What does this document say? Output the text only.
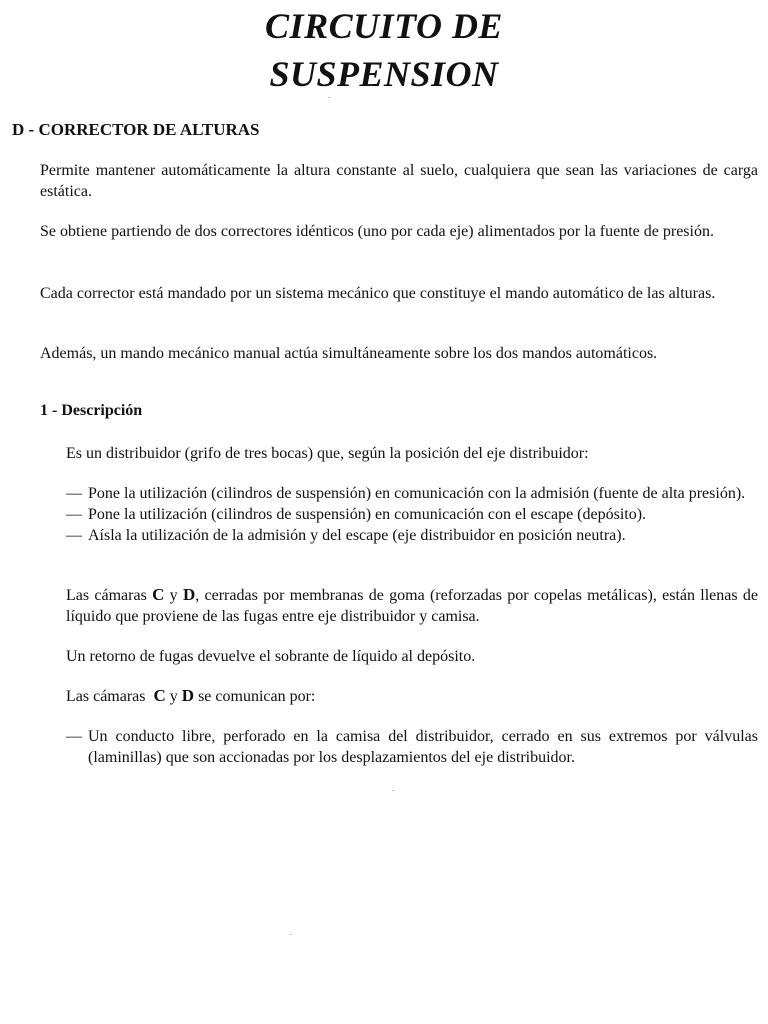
CIRCUITO DE
SUSPENSION
D - CORRECTOR DE ALTURAS
Permite mantener automáticamente la altura constante al suelo, cualquiera que sean las variaciones de carga estática.
Se obtiene partiendo de dos correctores idénticos (uno por cada eje) alimentados por la fuente de presión.
Cada corrector está mandado por un sistema mecánico que constituye el mando automático de las alturas.
Además, un mando mecánico manual actúa simultáneamente sobre los dos mandos automáticos.
1 - Descripción
Es un distribuidor (grifo de tres bocas) que, según la posición del eje distribuidor:
— Pone la utilización (cilindros de suspensión) en comunicación con la admisión (fuente de alta presión).
— Pone la utilización (cilindros de suspensión) en comunicación con el escape (depósito).
— Aísla la utilización de la admisión y del escape (eje distribuidor en posición neutra).
Las cámaras C y D, cerradas por membranas de goma (reforzadas por copelas metálicas), están llenas de líquido que proviene de las fugas entre eje distribuidor y camisa.
Un retorno de fugas devuelve el sobrante de líquido al depósito.
Las cámaras  C y D se comunican por:
— Un conducto libre, perforado en la camisa del distribuidor, cerrado en sus extremos por válvulas (laminillas) que son accionadas por los desplazamientos del eje distribuidor.
